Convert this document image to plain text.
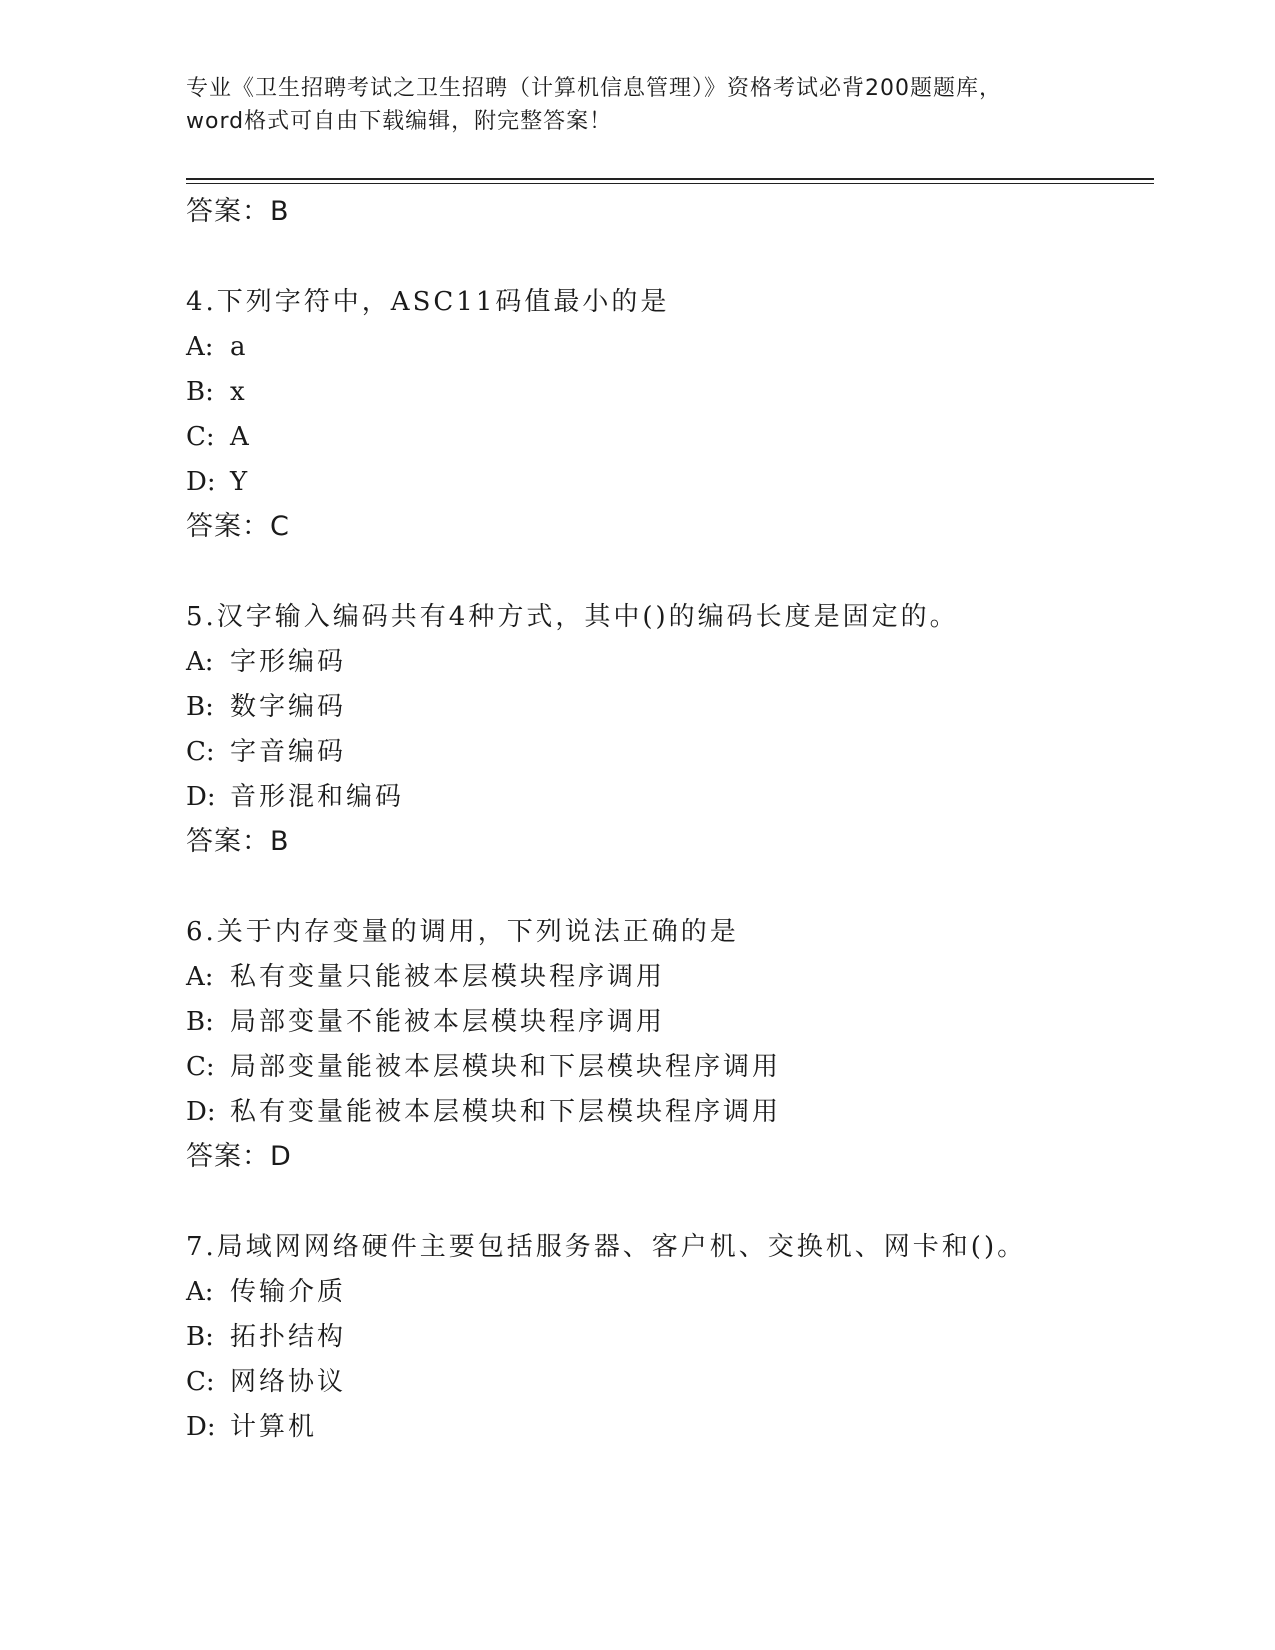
专业《卫生招聘考试之卫生招聘（计算机信息管理）》资格考试必背200题题库，
word格式可自由下载编辑，附完整答案！
答案：B
4.下列字符中，ASC11码值最小的是
A: a
B: x
C: A
D: Y
答案：C
5.汉字输入编码共有4种方式，其中()的编码长度是固定的。
A: 字形编码
B: 数字编码
C: 字音编码
D: 音形混和编码
答案：B
6.关于内存变量的调用，下列说法正确的是
A: 私有变量只能被本层模块程序调用
B: 局部变量不能被本层模块程序调用
C: 局部变量能被本层模块和下层模块程序调用
D: 私有变量能被本层模块和下层模块程序调用
答案：D
7.局域网网络硬件主要包括服务器、客户机、交换机、网卡和()。
A: 传输介质
B: 拓扑结构
C: 网络协议
D: 计算机
